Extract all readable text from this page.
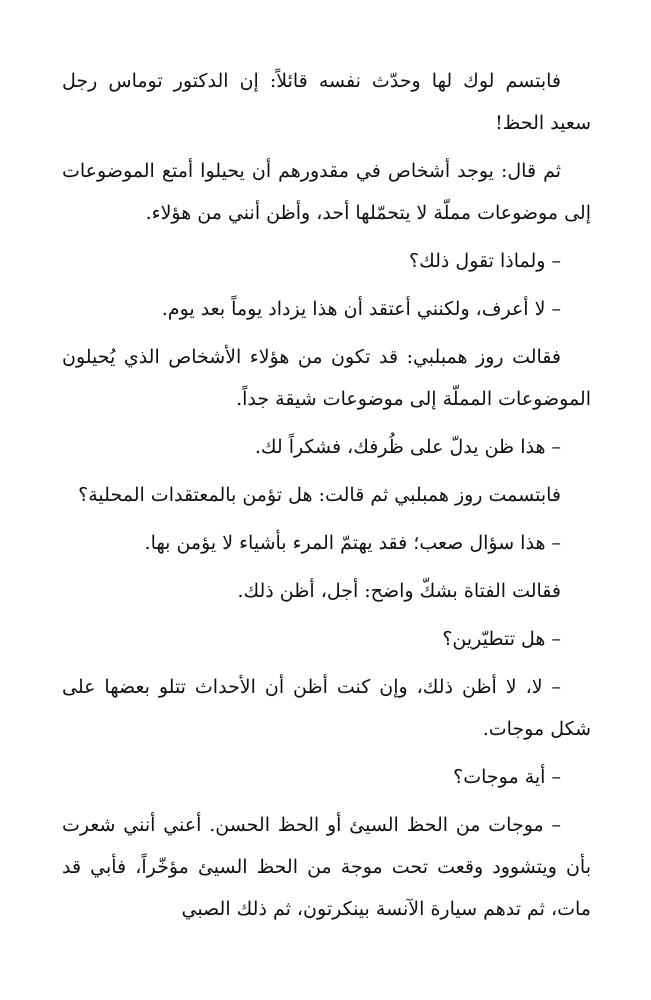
فابتسم لوك لها وحدّث نفسه قائلاً: إن الدكتور توماس رجل سعيد الحظ!

ثم قال: يوجد أشخاص في مقدورهم أن يحيلوا أمتع الموضوعات إلى موضوعات مملّة لا يتحمّلها أحد، وأظن أنني من هؤلاء.

– ولماذا تقول ذلك؟

– لا أعرف، ولكنني أعتقد أن هذا يزداد يوماً بعد يوم.

فقالت روز همبلبي: قد تكون من هؤلاء الأشخاص الذي يُحيلون الموضوعات المملّة إلى موضوعات شيقة جداً.

– هذا ظن يدلّ على ظُرفك، فشكراً لك.

فابتسمت روز همبلبي ثم قالت: هل تؤمن بالمعتقدات المحلية؟

– هذا سؤال صعب؛ فقد يهتمّ المرء بأشياء لا يؤمن بها.

فقالت الفتاة بشكّ واضح: أجل، أظن ذلك.

– هل تتطيّرين؟

– لا، لا أظن ذلك، وإن كنت أظن أن الأحداث تتلو بعضها على شكل موجات.

– أية موجات؟

– موجات من الحظ السيئ أو الحظ الحسن. أعني أنني شعرت بأن ويتشوود وقعت تحت موجة من الحظ السيئ مؤخّراً، فأبي قد مات، ثم تدهم سيارة الآنسة بينكرتون، ثم ذلك الصبي
